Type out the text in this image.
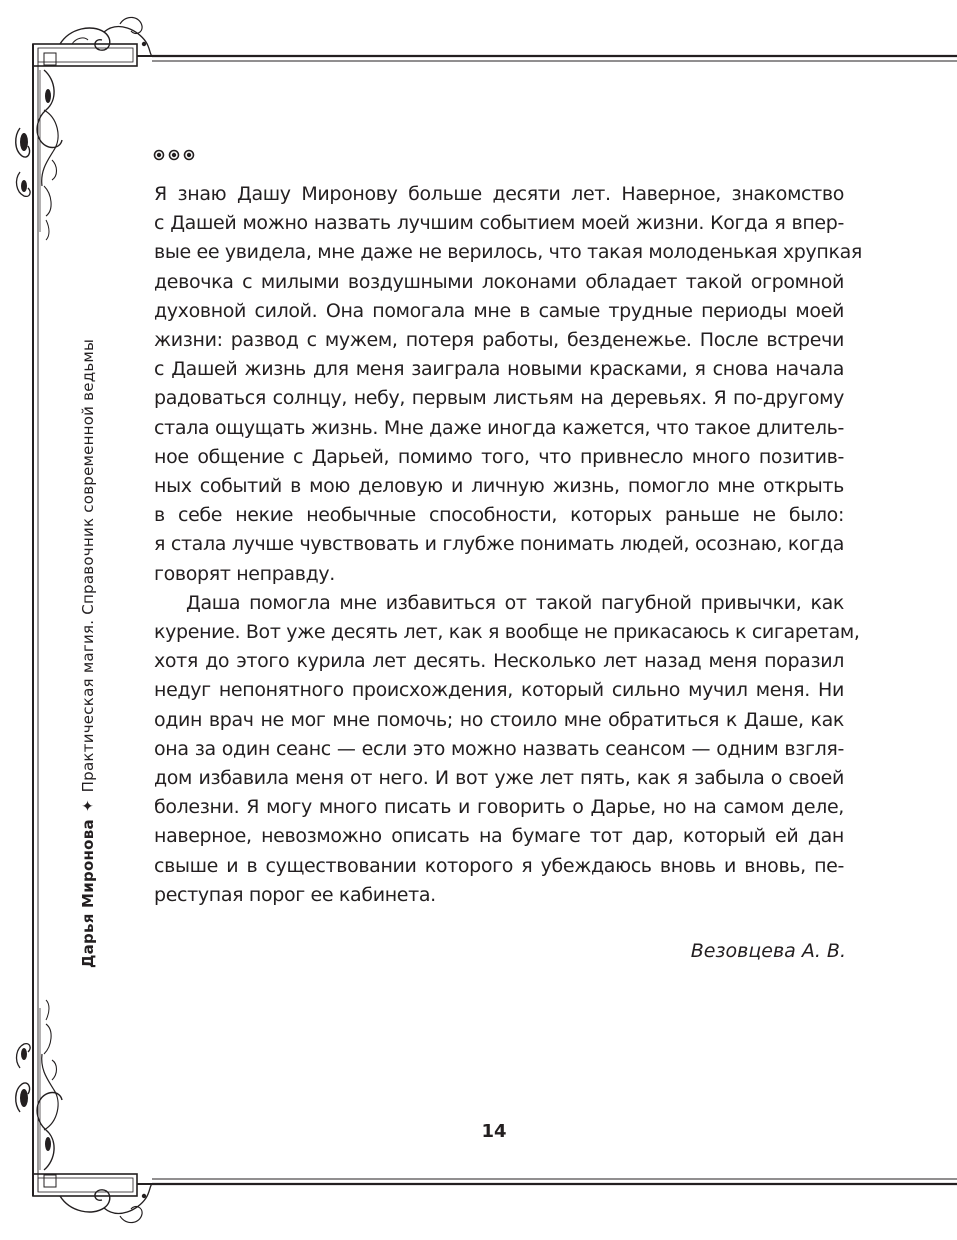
Дарья Миронова✦Практическая магия. Справочник современной ведьмы
Я знаю Дашу Миронову больше десяти лет. Наверное, знакомство
с Дашей можно назвать лучшим событием моей жизни. Когда я впер-
вые ее увидела, мне даже не верилось, что такая молоденькая хрупкая
девочка с милыми воздушными локонами обладает такой огромной
духовной силой. Она помогала мне в самые трудные периоды моей
жизни: развод с мужем, потеря работы, безденежье. После встречи
с Дашей жизнь для меня заиграла новыми красками, я снова начала
радоваться солнцу, небу, первым листьям на деревьях. Я по-другому
стала ощущать жизнь. Мне даже иногда кажется, что такое длитель-
ное общение с Дарьей, помимо того, что привнесло много позитив-
ных событий в мою деловую и личную жизнь, помогло мне открыть
в себе некие необычные способности, которых раньше не было:
я стала лучше чувствовать и глубже понимать людей, осознаю, когда
говорят неправду.
Даша помогла мне избавиться от такой пагубной привычки, как
курение. Вот уже десять лет, как я вообще не прикасаюсь к сигаретам,
хотя до этого курила лет десять. Несколько лет назад меня поразил
недуг непонятного происхождения, который сильно мучил меня. Ни
один врач не мог мне помочь; но стоило мне обратиться к Даше, как
она за один сеанс — если это можно назвать сеансом — одним взгля-
дом избавила меня от него. И вот уже лет пять, как я забыла о своей
болезни. Я могу много писать и говорить о Дарье, но на самом деле,
наверное, невозможно описать на бумаге тот дар, который ей дан
свыше и в существовании которого я убеждаюсь вновь и вновь, пе-
реступая порог ее кабинета.
Везовцева А. В.
14
